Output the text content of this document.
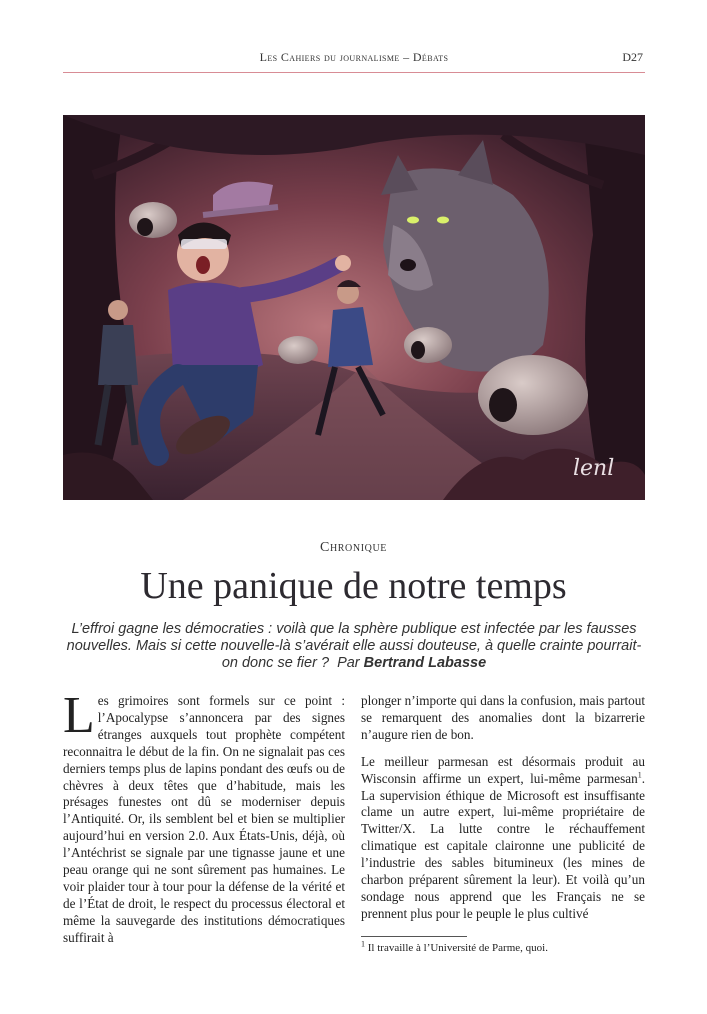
Les Cahiers du journalisme – Débats	D27
lenl
Chronique
Une panique de notre temps
L’effroi gagne les démocraties : voilà que la sphère publique est infectée par les fausses nouvelles. Mais si cette nouvelle-là s’avérait elle aussi douteuse, à quelle crainte pourrait-on donc se fier ? Par Bertrand Labasse

Les grimoires sont formels sur ce point : l’Apocalypse s’annoncera par des signes étranges auxquels tout prophète compétent reconnaitra le début de la fin. On ne signalait pas ces derniers temps plus de lapins pondant des œufs ou de chèvres à deux têtes que d’habitude, mais les présages funestes ont dû se moderniser depuis l’Antiquité. Or, ils semblent bel et bien se multiplier aujourd’hui en version 2.0. Aux États-Unis, déjà, où l’Antéchrist se signale par une tignasse jaune et une peau orange qui ne sont sûrement pas humaines. Le voir plaider tour à tour pour la défense de la vérité et de l’État de droit, le respect du processus électoral et même la sauvegarde des institutions démocratiques suffirait à

plonger n’importe qui dans la confusion, mais partout se remarquent des anomalies dont la bizarrerie n’augure rien de bon.

Le meilleur parmesan est désormais produit au Wisconsin affirme un expert, lui-même parmesan$^1$. La supervision éthique de Microsoft est insuffisante clame un autre expert, lui-même propriétaire de Twitter/X. La lutte contre le réchauffement climatique est capitale claironne une publicité de l’industrie des sables bitumineux (les mines de charbon préparent sûrement la leur). Et voilà qu’un sondage nous apprend que les Français ne se prennent plus pour le peuple le plus cultivé

$^1$ Il travaille à l’Université de Parme, quoi.
